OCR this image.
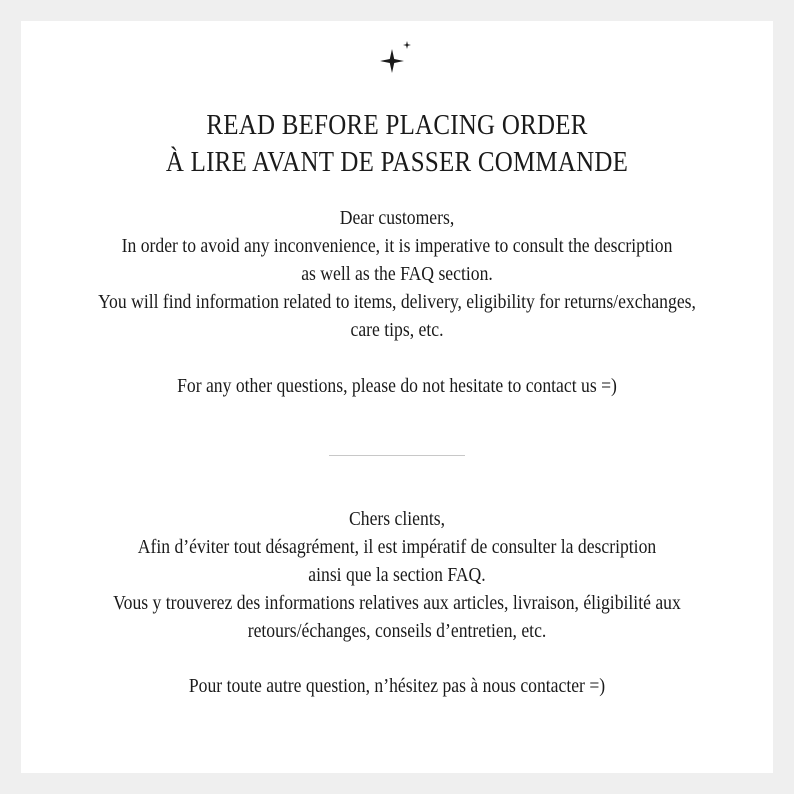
READ BEFORE PLACING ORDER
À LIRE AVANT DE PASSER COMMANDE

Dear customers,

In order to avoid any inconvenience, it is imperative to consult the description

as well as the FAQ section.

You will find information related to items, delivery, eligibility for returns/exchanges,

care tips, etc.

For any other questions, please do not hesitate to contact us =)

Chers clients,

Afin d’éviter tout désagrément, il est impératif de consulter la description

ainsi que la section FAQ.

Vous y trouverez des informations relatives aux articles, livraison, éligibilité aux

retours/échanges, conseils d’entretien, etc.

Pour toute autre question, n’hésitez pas à nous contacter =)
